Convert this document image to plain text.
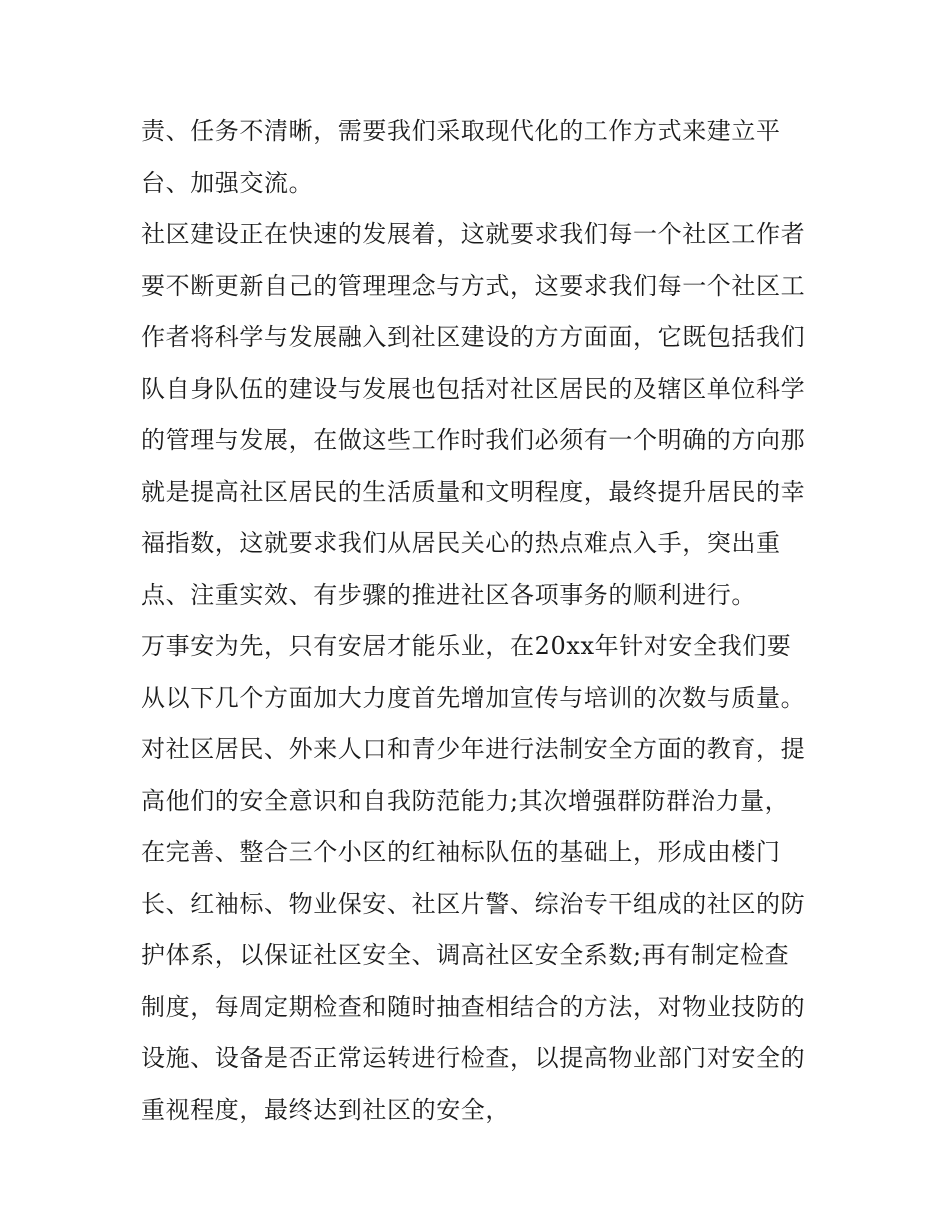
责、任务不清晰，需要我们采取现代化的工作方式来建立平
台、加强交流。
社区建设正在快速的发展着，这就要求我们每一个社区工作者
要不断更新自己的管理理念与方式，这要求我们每一个社区工
作者将科学与发展融入到社区建设的方方面面，它既包括我们
队自身队伍的建设与发展也包括对社区居民的及辖区单位科学
的管理与发展，在做这些工作时我们必须有一个明确的方向那
就是提高社区居民的生活质量和文明程度，最终提升居民的幸
福指数，这就要求我们从居民关心的热点难点入手，突出重
点、注重实效、有步骤的推进社区各项事务的顺利进行。
万事安为先，只有安居才能乐业，在20xx年针对安全我们要
从以下几个方面加大力度首先增加宣传与培训的次数与质量。
对社区居民、外来人口和青少年进行法制安全方面的教育，提
高他们的安全意识和自我防范能力;其次增强群防群治力量，
在完善、整合三个小区的红袖标队伍的基础上，形成由楼门
长、红袖标、物业保安、社区片警、综治专干组成的社区的防
护体系，以保证社区安全、调高社区安全系数;再有制定检查
制度，每周定期检查和随时抽查相结合的方法，对物业技防的
设施、设备是否正常运转进行检查，以提高物业部门对安全的
重视程度，最终达到社区的安全，
